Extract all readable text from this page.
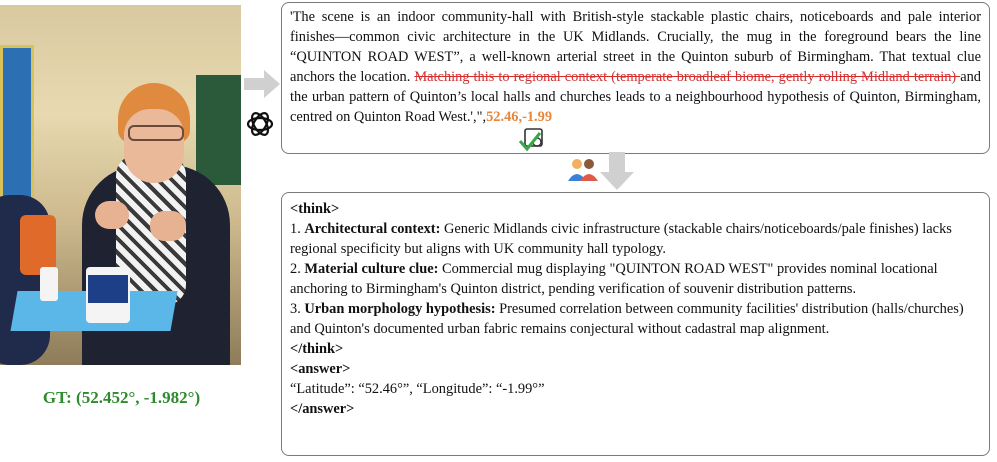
GT: (52.452°, -1.982°)
'The scene is an indoor community-hall with British-style stackable plastic chairs, noticeboards and pale interior finishes—common civic architecture in the UK Midlands. Crucially, the mug in the foreground bears the line “QUINTON ROAD WEST”, a well-known arterial street in the Quinton suburb of Birmingham. That textual clue anchors the location. Matching this to regional context (temperate broadleaf biome, gently rolling Midland terrain) and the urban pattern of Quinton’s local halls and churches leads to a neighbourhood hypothesis of Quinton, Birmingham, centred on Quinton Road West.',",52.46,-1.99
<think>
1. Architectural context: Generic Midlands civic infrastructure (stackable chairs/noticeboards/pale finishes) lacks regional specificity but aligns with UK community hall typology.
2. Material culture clue: Commercial mug displaying "QUINTON ROAD WEST" provides nominal locational anchoring to Birmingham's Quinton district, pending verification of souvenir distribution patterns.
3. Urban morphology hypothesis: Presumed correlation between community facilities' distribution (halls/churches) and Quinton's documented urban fabric remains conjectural without cadastral map alignment.
</think>
<answer>
“Latitude”: “52.46°”, “Longitude”: “-1.99°”
</answer>
